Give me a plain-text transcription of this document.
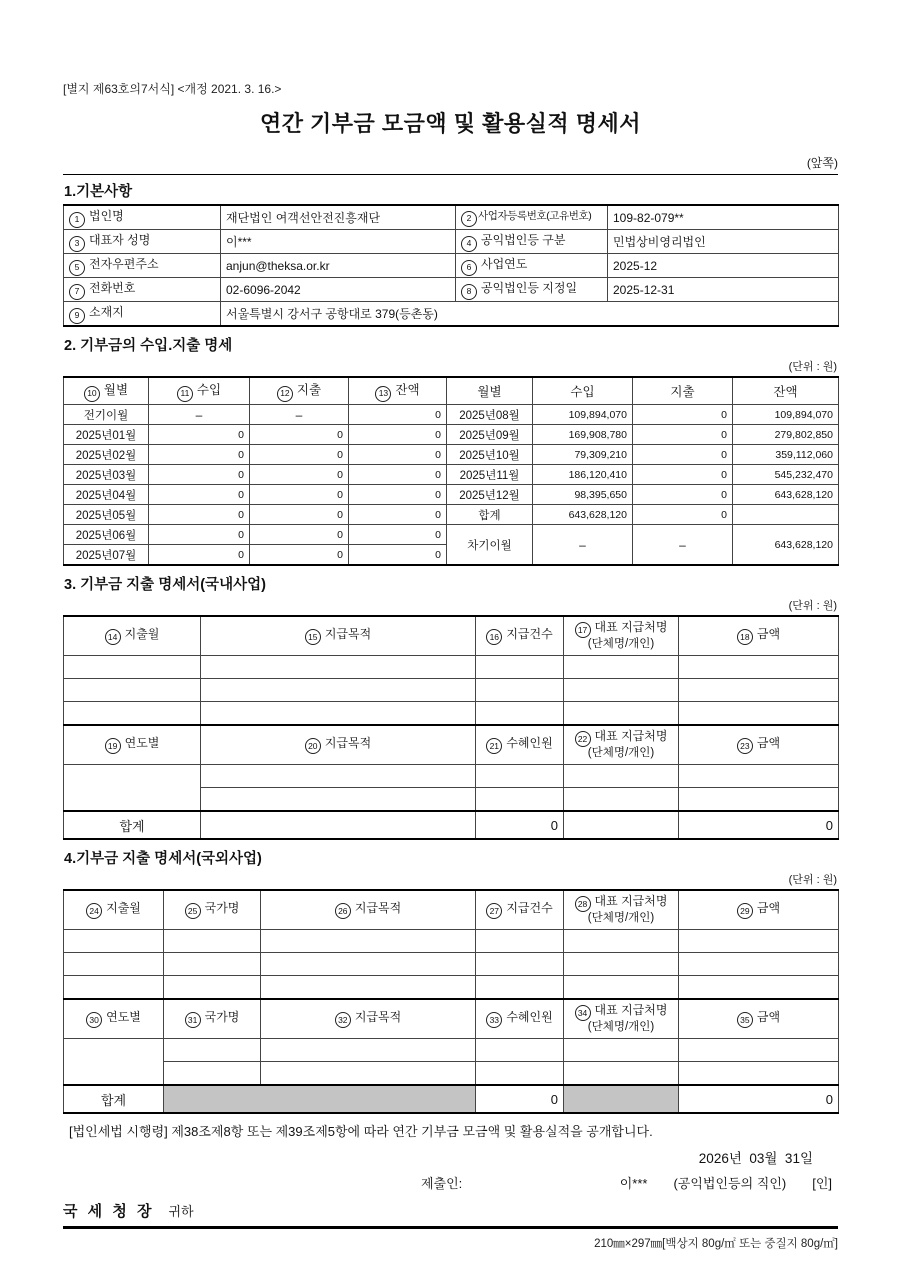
[별지 제63호의7서식] <개정 2021. 3. 16.>
연간 기부금 모금액 및 활용실적 명세서
(앞쪽)
1.기본사항
1 법인명	재단법인 여객선안전진흥재단	2 사업자등록번호(고유번호)	109-82-079**
3 대표자 성명	이***	4 공익법인등 구분	민법상비영리법인
5 전자우편주소	anjun@theksa.or.kr	6 사업연도	2025-12
7 전화번호	02-6096-2042	8 공익법인등 지정일	2025-12-31
9 소재지	서울특별시 강서구 공항대로 379(등촌동)		
2. 기부금의 수입.지출 명세
(단위 : 원)
10 월별	11 수입	12 지출	13 잔액	월별	수입	지출	잔액

전기이월	–	–	0	2025년08월	109,894,070	0	109,894,070
2025년01월	0	0	0	2025년09월	169,908,780	0	279,802,850
2025년02월	0	0	0	2025년10월	79,309,210	0	359,112,060
2025년03월	0	0	0	2025년11월	186,120,410	0	545,232,470
2025년04월	0	0	0	2025년12월	98,395,650	0	643,628,120
2025년05월	0	0	0	합계	643,628,120	0	
2025년06월	0	0	0	차기이월	–	–	643,628,120
2025년07월	0	0	0				
3. 기부금 지출 명세서(국내사업)
(단위 : 원)
14 지출월	15 지급목적	16 지급건수	17 대표 지급처명
(단체명/개인)	18 금액

19 연도별	20 지급목적	21 수혜인원	22 대표 지급처명
(단체명/개인)	23 금액

합계		0		0
4.기부금 지출 명세서(국외사업)
(단위 : 원)
24 지출월	25 국가명	26 지급목적	27 지급건수	28 대표 지급처명
(단체명/개인)	29 금액

30 연도별	31 국가명	32 지급목적	33 수혜인원	34 대표 지급처명
(단체명/개인)	35 금액

합계			0		0
[법인세법 시행령] 제38조제8항 또는 제39조제5항에 따라 연간 기부금 모금액 및 활용실적을 공개합니다.
2026년  03월  31일
제출인:	이*** (공익법인등의 직인) [인]
국 세 청 장 귀하
210㎜×297㎜[백상지 80g/㎡ 또는 중질지 80g/㎡]
